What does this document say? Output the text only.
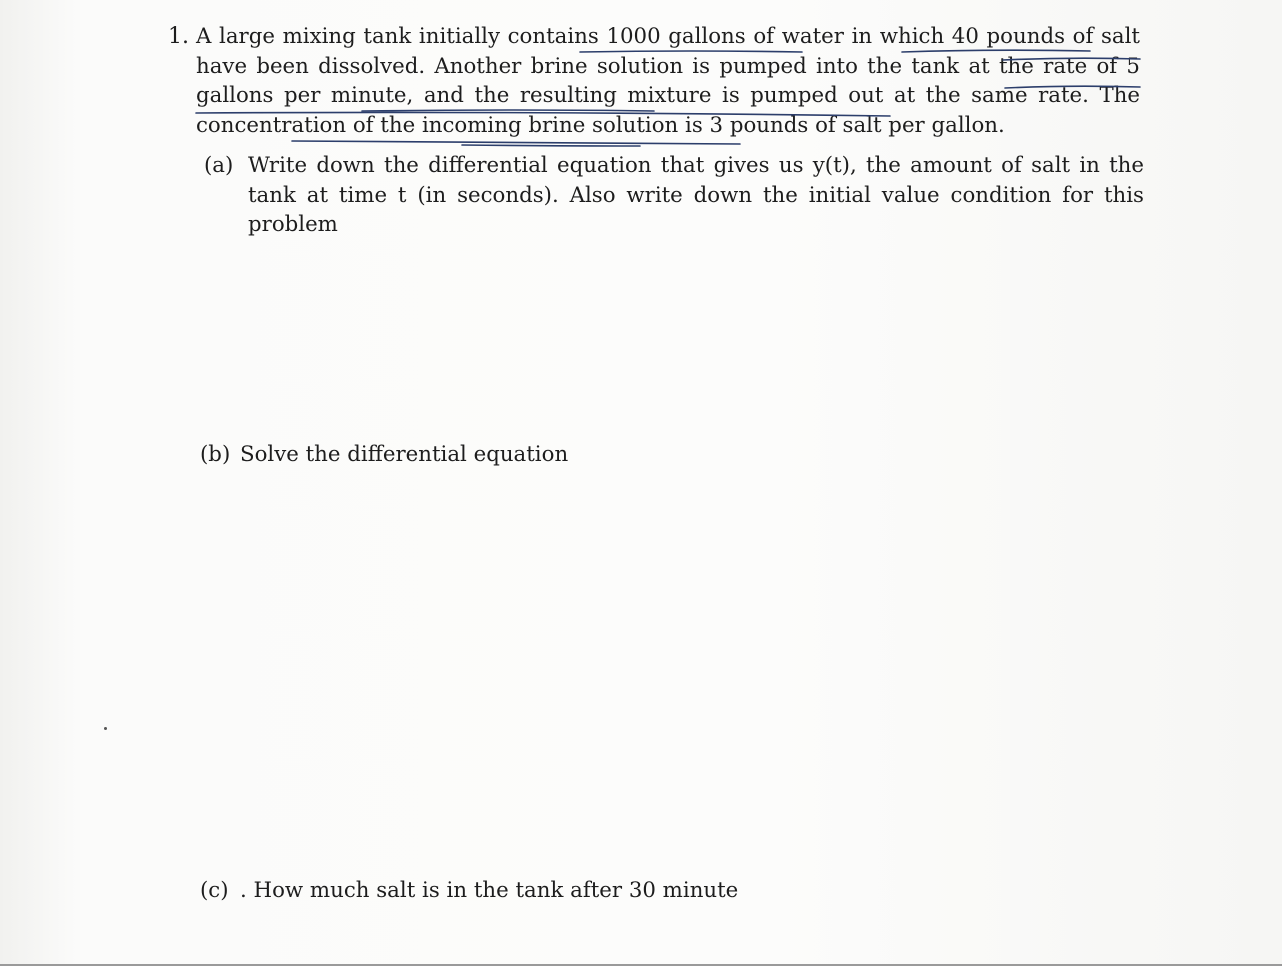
1. A large mixing tank initially contains 1000 gallons of water in which 40 pounds of salt have been dissolved. Another brine solution is pumped into the tank at the rate of 5 gallons per minute, and the resulting mixture is pumped out at the same rate. The concentration of the incoming brine solution is 3 pounds of salt per gallon.
(a) Write down the differential equation that gives us y(t), the amount of salt in the tank at time t (in seconds). Also write down the initial value condition for this problem
(b) Solve the differential equation
(c) . How much salt is in the tank after 30 minute
